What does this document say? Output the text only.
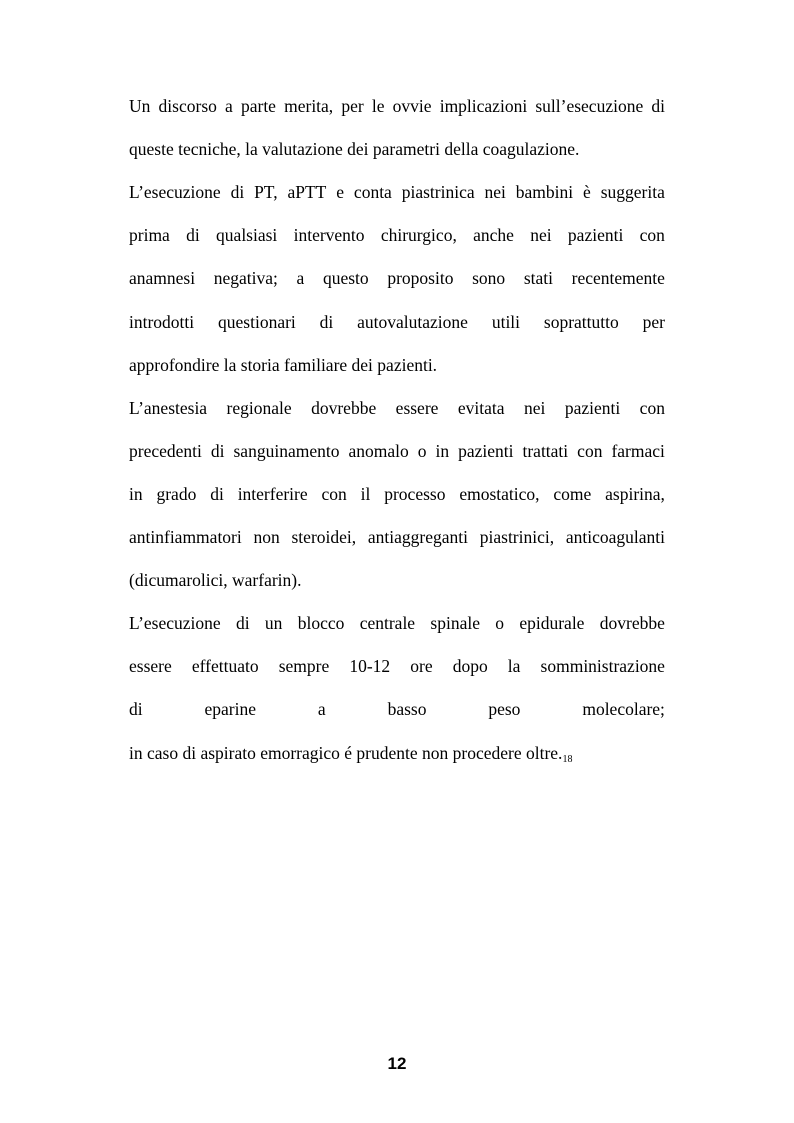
Un discorso a parte merita, per le ovvie implicazioni sull’esecuzione di
queste tecniche, la valutazione dei parametri della coagulazione.
L’esecuzione di PT, aPTT e conta piastrinica nei bambini è suggerita
prima di qualsiasi intervento chirurgico, anche nei pazienti con
anamnesi negativa; a questo proposito sono stati recentemente
introdotti questionari di autovalutazione utili soprattutto per
approfondire la storia familiare dei pazienti.
L’anestesia regionale dovrebbe essere evitata nei pazienti con
precedenti di sanguinamento anomalo o in pazienti trattati con farmaci
in grado di interferire con il processo emostatico, come aspirina,
antinfiammatori non steroidei, antiaggreganti piastrinici, anticoagulanti
(dicumarolici, warfarin).
L’esecuzione di un blocco centrale spinale o epidurale dovrebbe
essere effettuato sempre 10-12 ore dopo la somministrazione
di	eparine	a	basso	peso	molecolare;
in caso di aspirato emorragico é prudente non procedere $oltre._{18}$
12
